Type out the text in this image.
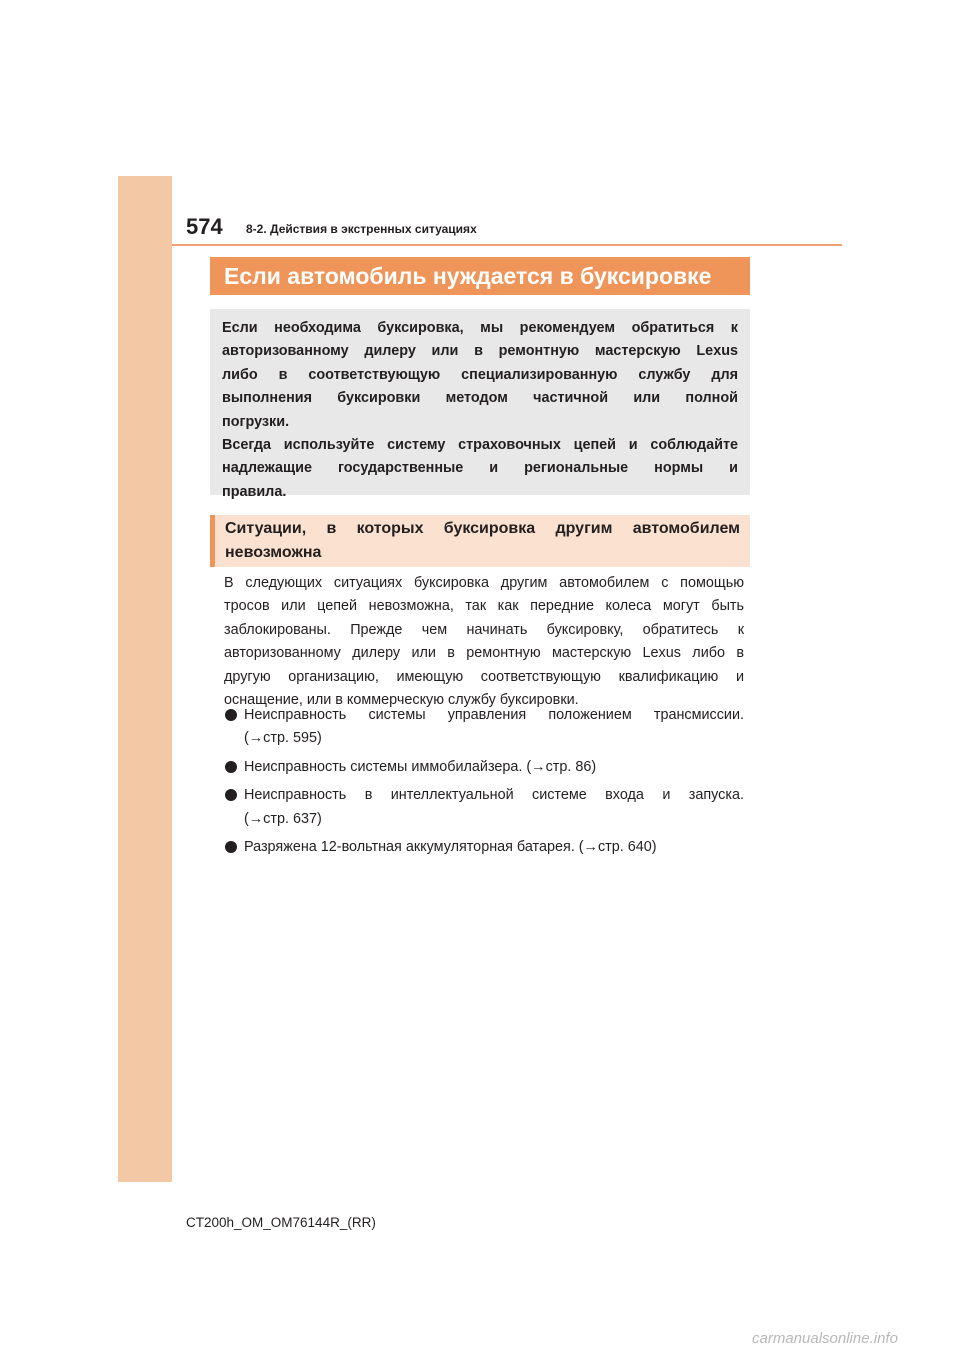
574 8-2. Действия в экстренных ситуациях
Если автомобиль нуждается в буксировке
Если необходима буксировка, мы рекомендуем обратиться к
авторизованному дилеру или в ремонтную мастерскую Lexus
либо в соответствующую специализированную службу для
выполнения буксировки методом частичной или полной
погрузки.
Всегда используйте систему страховочных цепей и соблюдайте
надлежащие государственные и региональные нормы и
правила.
Ситуации, в которых буксировка другим автомобилем
невозможна
В следующих ситуациях буксировка другим автомобилем с помощью
тросов или цепей невозможна, так как передние колеса могут быть
заблокированы. Прежде чем начинать буксировку, обратитесь к
авторизованному дилеру или в ремонтную мастерскую Lexus либо в
другую организацию, имеющую соответствующую квалификацию и
оснащение, или в коммерческую службу буксировки.
Неисправность системы управления положением трансмиссии.
(→стр. 595)
Неисправность системы иммобилайзера. (→стр. 86)
Неисправность в интеллектуальной системе входа и запуска.
(→стр. 637)
Разряжена 12-вольтная аккумуляторная батарея. (→стр. 640)
CT200h_OM_OM76144R_(RR)
carmanualsonline.info
